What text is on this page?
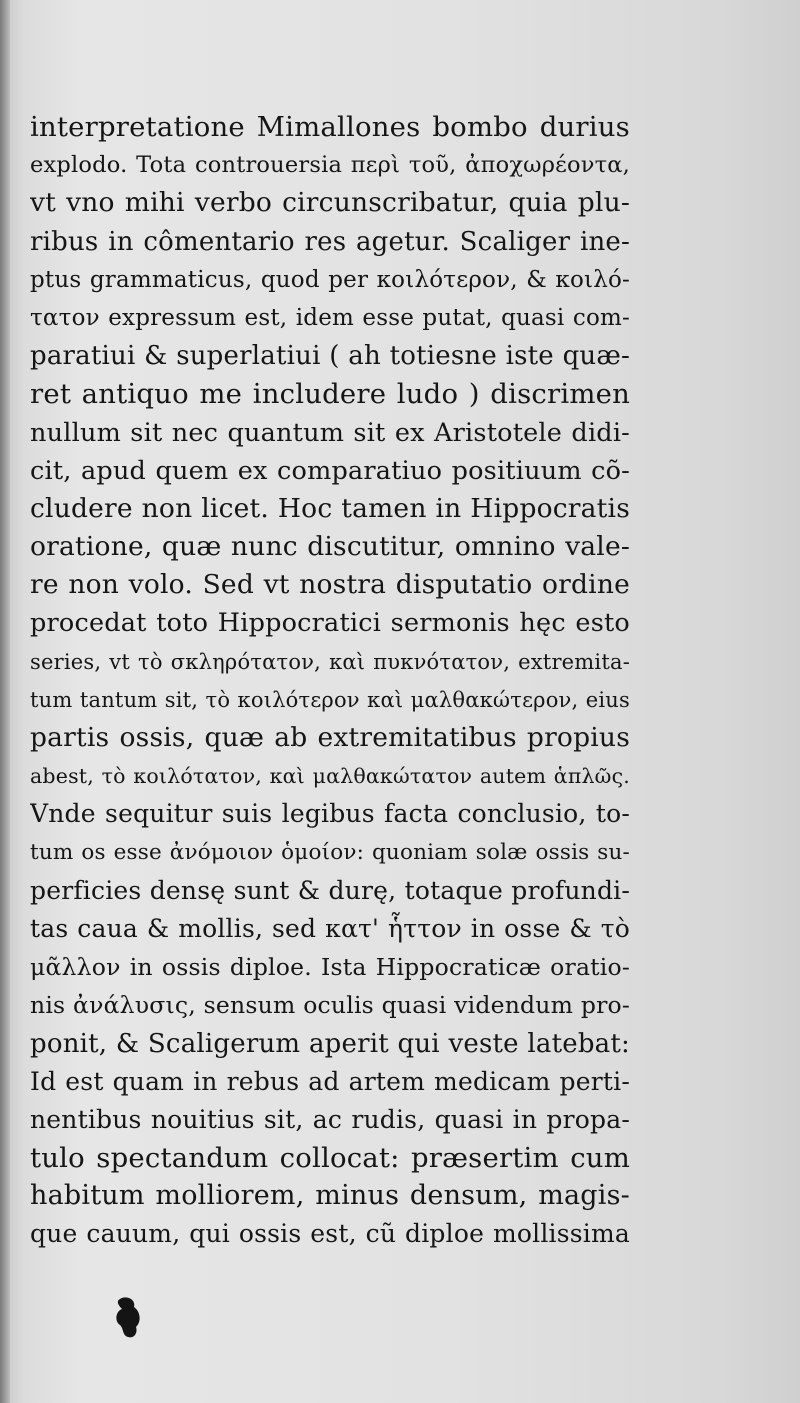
interpretatione Mimallones bombo durius
explodo. Tota controuersia περὶ τοῦ, ἀποχωρέοντα,
vt vno mihi verbo circunscribatur, quia plu-
ribus in cômentario res agetur. Scaliger ine-
ptus grammaticus, quod per κοιλότερον, & κοιλό-
τατον expressum est, idem esse putat, quasi com-
paratiui & superlatiui ( ah totiesne iste quæ-
ret antiquo me includere ludo ) discrimen
nullum sit nec quantum sit ex Aristotele didi-
cit, apud quem ex comparatiuo positiuum cõ-
cludere non licet. Hoc tamen in Hippocratis
oratione, quæ nunc discutitur, omnino vale-
re non volo. Sed vt nostra disputatio ordine
procedat toto Hippocratici sermonis hęc esto
series, vt τὸ σκληρότατον, καὶ πυκνότατον, extremita-
tum tantum sit, τὸ κοιλότερον καὶ μαλθακώτερον, eius
partis ossis, quæ ab extremitatibus propius
abest, τὸ κοιλότατον, καὶ μαλθακώτατον autem ἁπλῶς.
Vnde sequitur suis legibus facta conclusio, to-
tum os esse ἀνόμοιον ὁμοίον: quoniam solæ ossis su-
perficies densę sunt & durę, totaque profundi-
tas caua & mollis, sed κατ' ἧττον in osse & τὸ
μᾶλλον in ossis diploe. Ista Hippocraticæ oratio-
nis ἀνάλυσις, sensum oculis quasi videndum pro-
ponit, & Scaligerum aperit qui veste latebat:
Id est quam in rebus ad artem medicam perti-
nentibus nouitius sit, ac rudis, quasi in propa-
tulo spectandum collocat: præsertim cum
habitum molliorem, minus densum, magis-
que cauum, qui ossis est, cũ diploe mollissima
